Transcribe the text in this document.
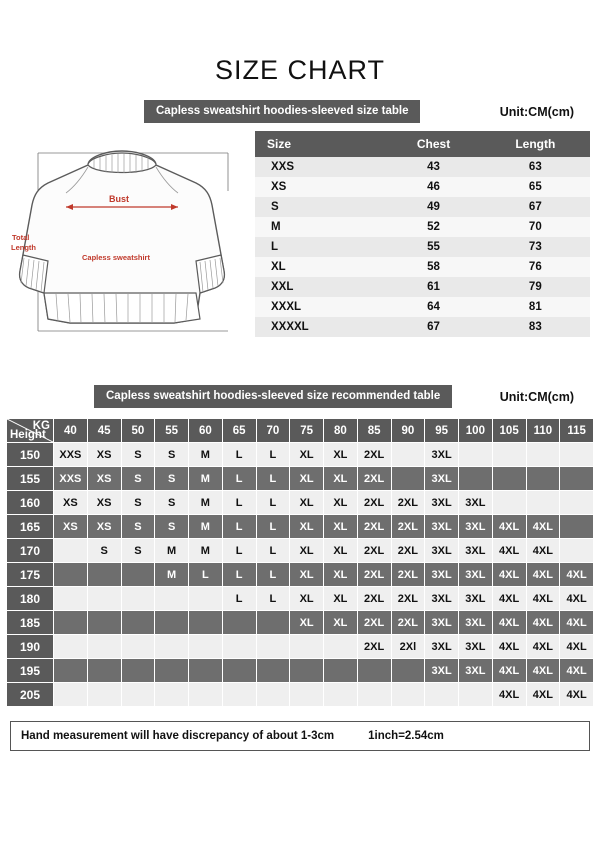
SIZE CHART
Capless sweatshirt hoodies-sleeved size table	Unit:CM(cm)
Bust
Capless sweatshirt
Total
Length
Size	Chest	Length
XXS	43	63
XS	46	65
S	49	67
M	52	70
L	55	73
XL	58	76
XXL	61	79
XXXL	64	81
XXXXL	67	83
Capless sweatshirt hoodies-sleeved size recommended table	Unit:CM(cm)
KG
Height	40	45	50	55	60	65	70	75	80	85	90	95	100	105	110	115
150	XXS	XS	S	S	M	L	L	XL	XL	2XL		3XL				
155	XXS	XS	S	S	M	L	L	XL	XL	2XL		3XL				
160	XS	XS	S	S	M	L	L	XL	XL	2XL	2XL	3XL	3XL			
165	XS	XS	S	S	M	L	L	XL	XL	2XL	2XL	3XL	3XL	4XL	4XL	
170		S	S	M	M	L	L	XL	XL	2XL	2XL	3XL	3XL	4XL	4XL	
175				M	L	L	L	XL	XL	2XL	2XL	3XL	3XL	4XL	4XL	4XL
180						L	L	XL	XL	2XL	2XL	3XL	3XL	4XL	4XL	4XL
185								XL	XL	2XL	2XL	3XL	3XL	4XL	4XL	4XL
190										2XL	2Xl	3XL	3XL	4XL	4XL	4XL
195												3XL	3XL	4XL	4XL	4XL
205														4XL	4XL	4XL
Hand measurement will have discrepancy of about 1-3cm	1inch=2.54cm
